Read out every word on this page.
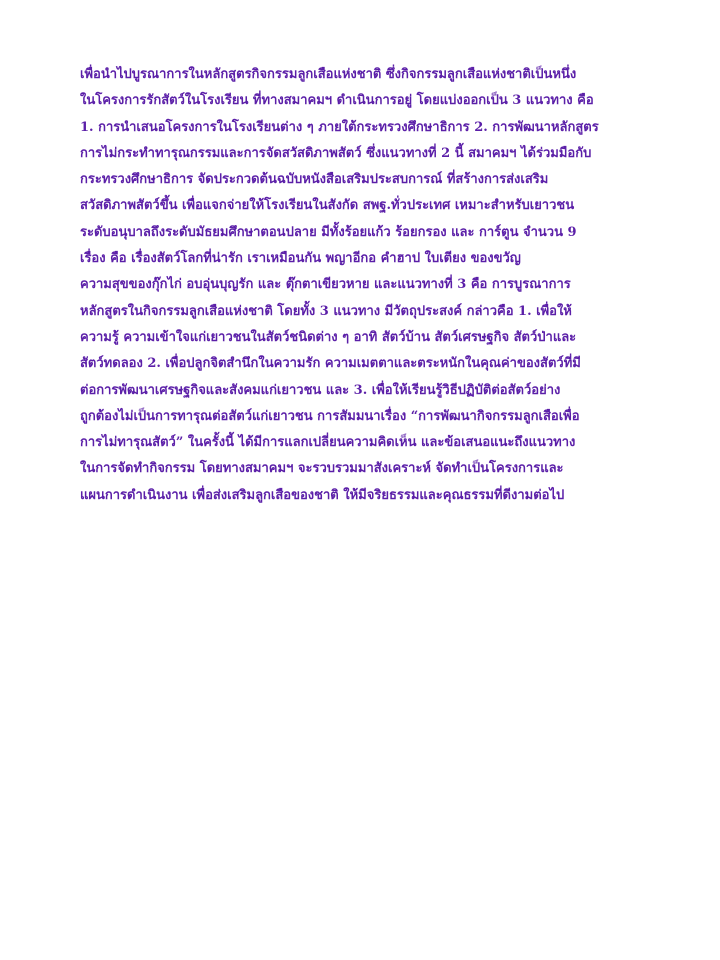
เพื่อนำไปบูรณาการในหลักสูตรกิจกรรมลูกเสือแห่งชาติ ซึ่งกิจกรรมลูกเสือแห่งชาติเป็นหนึ่ง
ในโครงการรักสัตว์ในโรงเรียน ที่ทางสมาคมฯ ดำเนินการอยู่ โดยแบ่งออกเป็น 3 แนวทาง คือ
1. การนำเสนอโครงการในโรงเรียนต่าง ๆ ภายใต้กระทรวงศึกษาธิการ 2. การพัฒนาหลักสูตร
การไม่กระทำทารุณกรรมและการจัดสวัสดิภาพสัตว์ ซึ่งแนวทางที่ 2 นี้ สมาคมฯ ได้ร่วมมือกับ
กระทรวงศึกษาธิการ จัดประกวดต้นฉบับหนังสือเสริมประสบการณ์ ที่สร้างการส่งเสริม
สวัสดิภาพสัตว์ขึ้น เพื่อแจกจ่ายให้โรงเรียนในสังกัด สพฐ.ทั่วประเทศ เหมาะสำหรับเยาวชน
ระดับอนุบาลถึงระดับมัธยมศึกษาตอนปลาย มีทั้งร้อยแก้ว ร้อยกรอง และ การ์ตูน จำนวน 9
เรื่อง คือ เรื่องสัตว์โลกที่น่ารัก เราเหมือนกัน พญาอีกอ คำฮาป ใบเตียง ของขวัญ
ความสุขของกุ๊กไก่ อบอุ่นบุญรัก และ ตุ๊กตาเขียวหาย และแนวทางที่ 3 คือ การบูรณาการ
หลักสูตรในกิจกรรมลูกเสือแห่งชาติ โดยทั้ง 3 แนวทาง มีวัตถุประสงค์ กล่าวคือ 1. เพื่อให้
ความรู้ ความเข้าใจแก่เยาวชนในสัตว์ชนิดต่าง ๆ อาทิ สัตว์บ้าน สัตว์เศรษฐกิจ สัตว์ป่าและ
สัตว์ทดลอง 2. เพื่อปลูกจิตสำนึกในความรัก ความเมตตาและตระหนักในคุณค่าของสัตว์ที่มี
ต่อการพัฒนาเศรษฐกิจและสังคมแก่เยาวชน และ 3. เพื่อให้เรียนรู้วิธีปฏิบัติต่อสัตว์อย่าง
ถูกต้องไม่เป็นการทารุณต่อสัตว์แก่เยาวชน การสัมมนาเรื่อง “การพัฒนากิจกรรมลูกเสือเพื่อ
การไม่ทารุณสัตว์” ในครั้งนี้ ได้มีการแลกเปลี่ยนความคิดเห็น และข้อเสนอแนะถึงแนวทาง
ในการจัดทำกิจกรรม โดยทางสมาคมฯ จะรวบรวมมาสังเคราะห์ จัดทำเป็นโครงการและ
แผนการดำเนินงาน เพื่อส่งเสริมลูกเสือของชาติ ให้มีจริยธรรมและคุณธรรมที่ดีงามต่อไป
